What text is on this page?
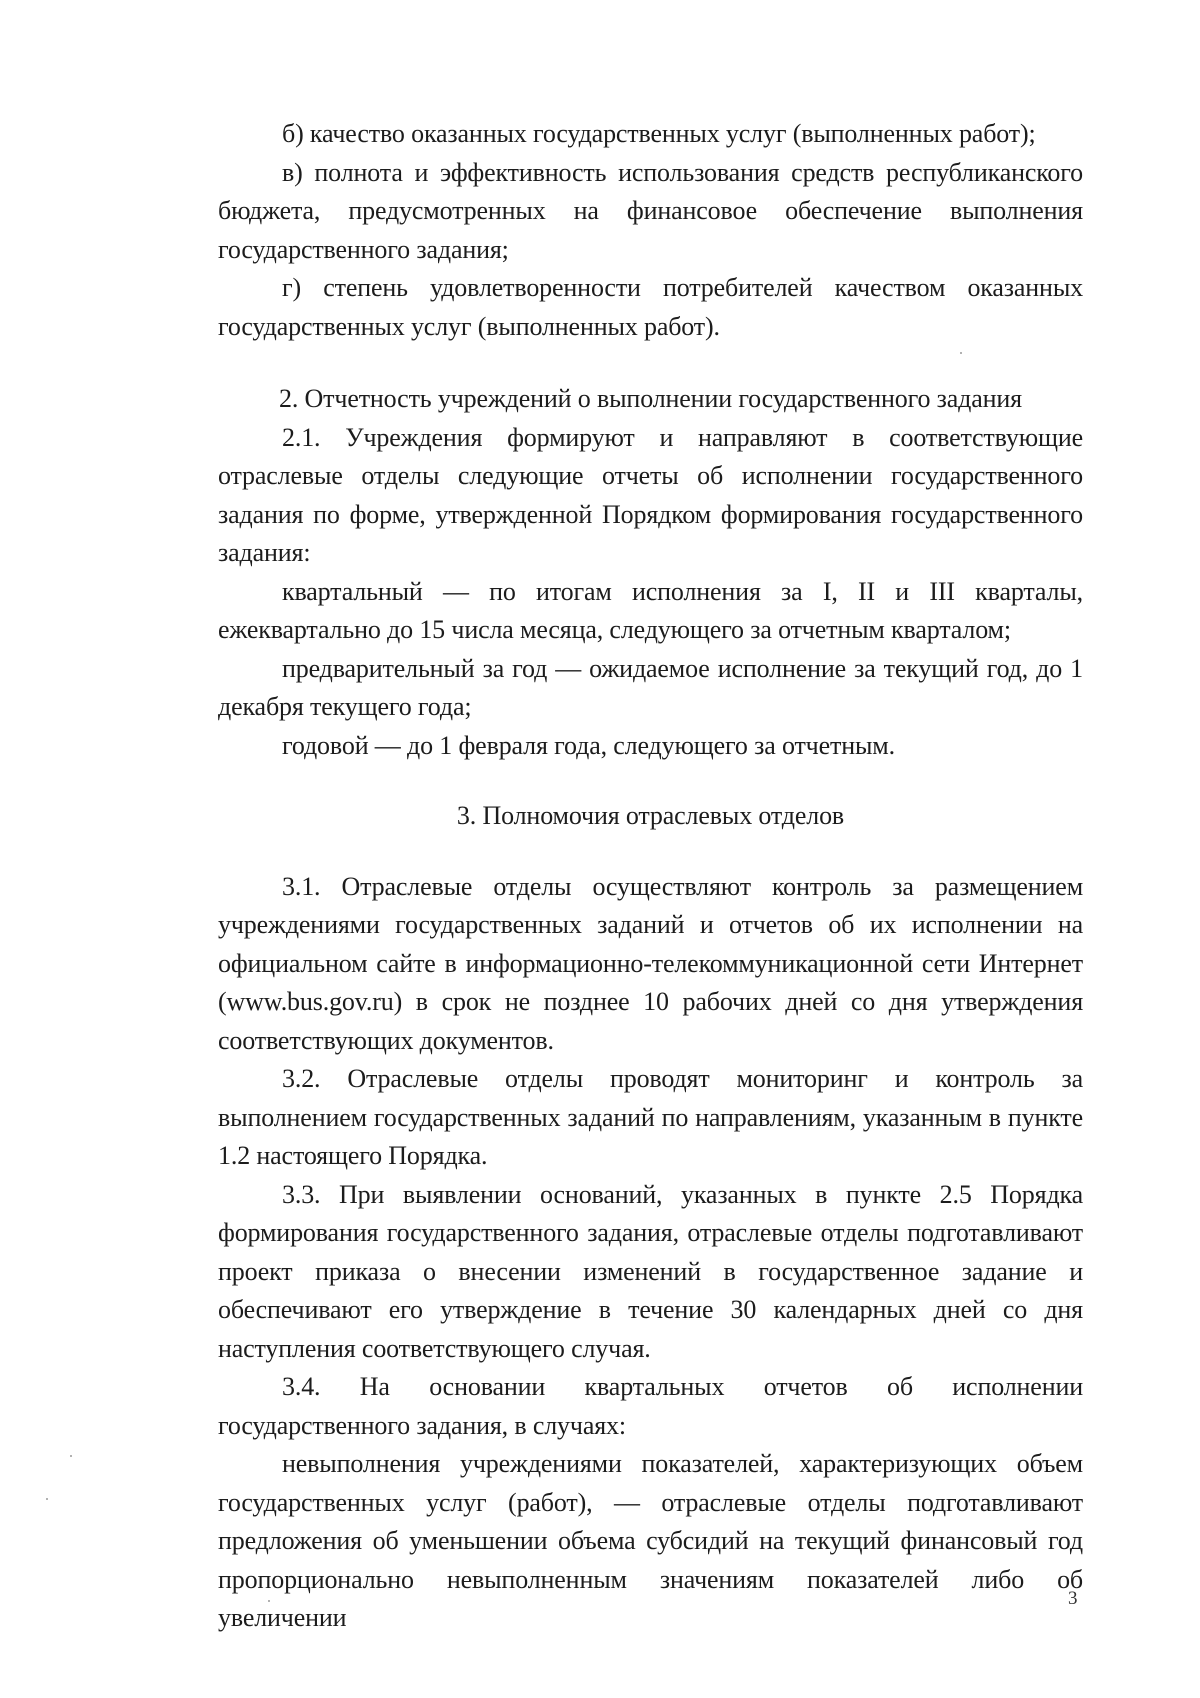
б) качество оказанных государственных услуг (выполненных работ);

в) полнота и эффективность использования средств республиканского бюджета, предусмотренных на финансовое обеспечение выполнения государственного задания;

г) степень удовлетворенности потребителей качеством оказанных государственных услуг (выполненных работ).

2. Отчетность учреждений о выполнении государственного задания

2.1. Учреждения формируют и направляют в соответствующие отраслевые отделы следующие отчеты об исполнении государственного задания по форме, утвержденной Порядком формирования государственного задания:

квартальный — по итогам исполнения за I, II и III кварталы, ежеквартально до 15 числа месяца, следующего за отчетным кварталом;

предварительный за год — ожидаемое исполнение за текущий год, до 1 декабря текущего года;

годовой — до 1 февраля года, следующего за отчетным.

3. Полномочия отраслевых отделов

3.1. Отраслевые отделы осуществляют контроль за размещением учреждениями государственных заданий и отчетов об их исполнении на официальном сайте в информационно-телекоммуникационной сети Интернет (www.bus.gov.ru) в срок не позднее 10 рабочих дней со дня утверждения соответствующих документов.

3.2. Отраслевые отделы проводят мониторинг и контроль за выполнением государственных заданий по направлениям, указанным в пункте 1.2 настоящего Порядка.

3.3. При выявлении оснований, указанных в пункте 2.5 Порядка формирования государственного задания, отраслевые отделы подготавливают проект приказа о внесении изменений в государственное задание и обеспечивают его утверждение в течение 30 календарных дней со дня наступления соответствующего случая.

3.4. На основании квартальных отчетов об исполнении государственного задания, в случаях:

невыполнения учреждениями показателей, характеризующих объем государственных услуг (работ), — отраслевые отделы подготавливают предложения об уменьшении объема субсидий на текущий финансовый год пропорционально невыполненным значениям показателей либо об увеличении

3
